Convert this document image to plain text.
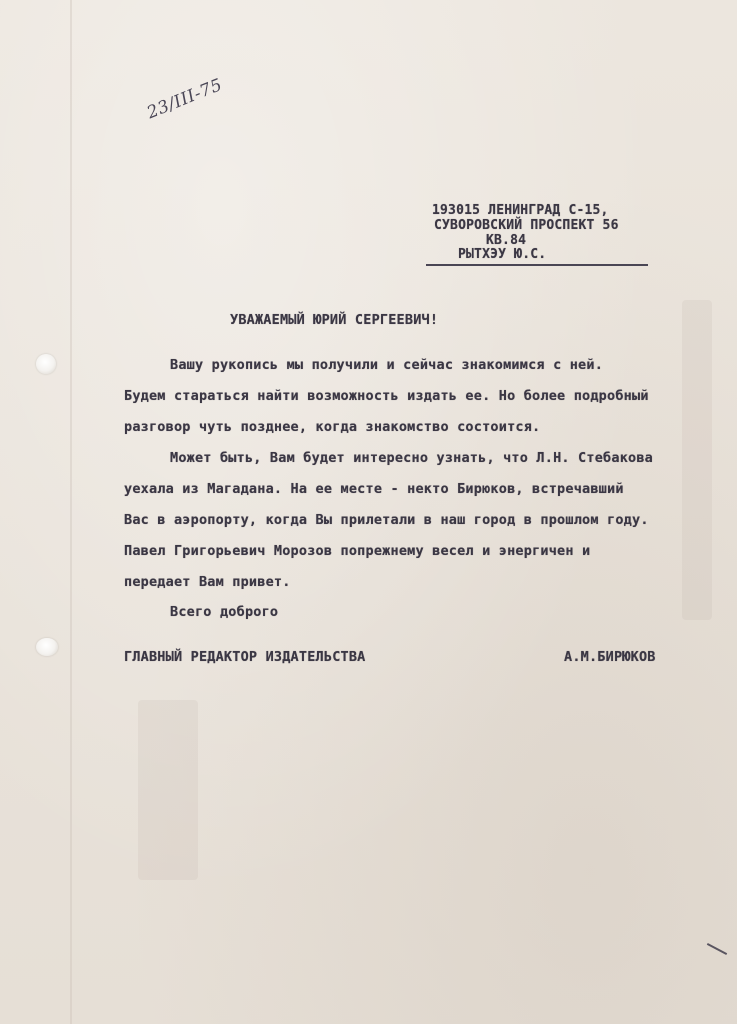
23/III-75
193015 ЛЕНИНГРАД С-15,
СУВОРОВСКИЙ ПРОСПЕКТ 56
КВ.84
РЫТХЭУ Ю.С.
УВАЖАЕМЫЙ ЮРИЙ СЕРГЕЕВИЧ!
Вашу рукопись мы получили и сейчас знакомимся с ней.
Будем стараться найти возможность издать ее. Но более подробный
разговор чуть позднее, когда знакомство состоится.
Может быть, Вам будет интересно узнать, что Л.Н. Стебакова
уехала из Магадана. На ее месте - некто Бирюков, встречавший
Вас в аэропорту, когда Вы прилетали в наш город в прошлом году.
Павел Григорьевич Морозов попрежнему весел и энергичен и
передает Вам привет.
Всего доброго
ГЛАВНЫЙ РЕДАКТОР ИЗДАТЕЛЬСТВА	А.М.БИРЮКОВ
